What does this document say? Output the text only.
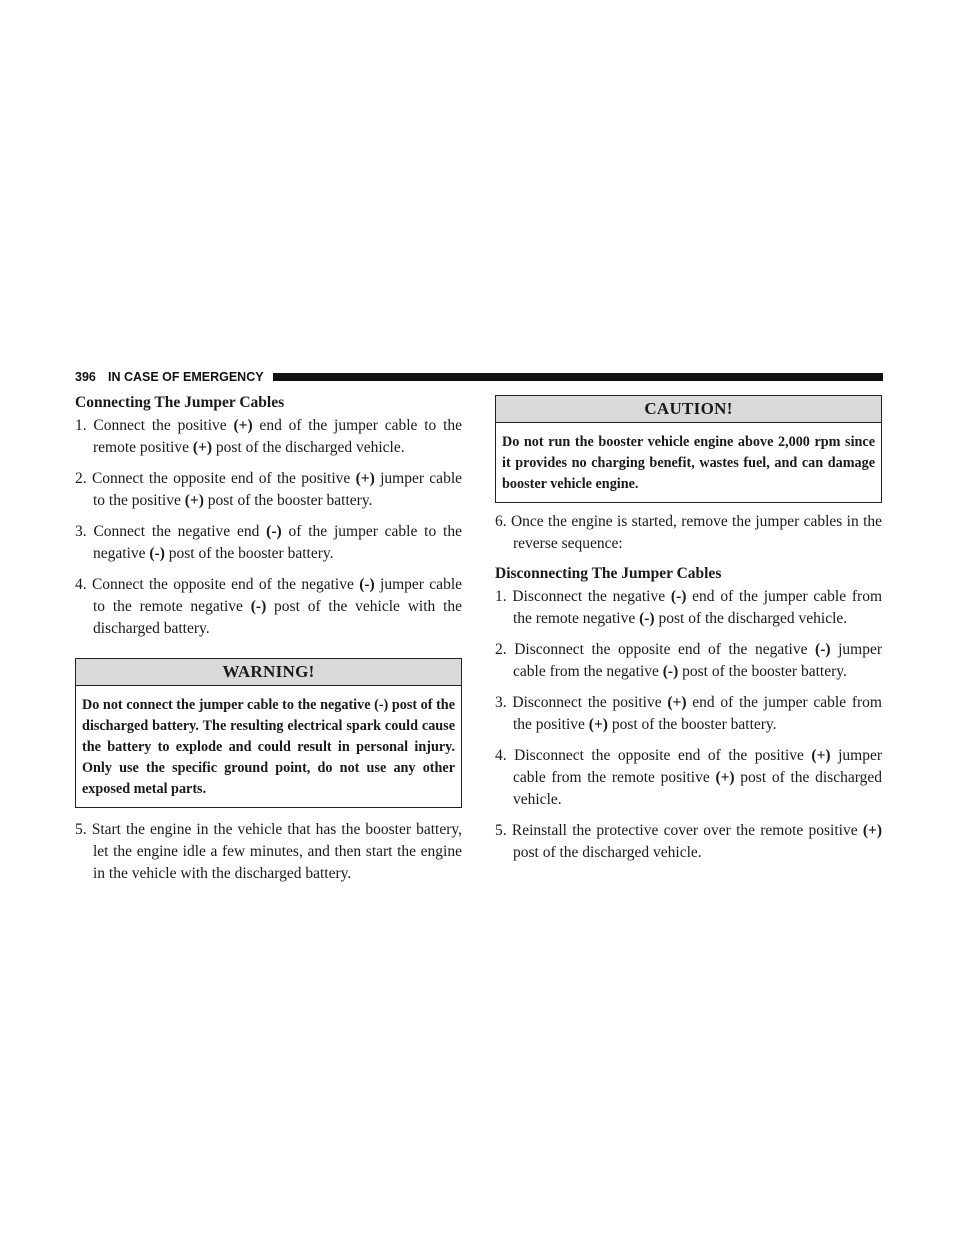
396 IN CASE OF EMERGENCY
Connecting The Jumper Cables
1. Connect the positive (+) end of the jumper cable to the remote positive (+) post of the discharged vehicle.
2. Connect the opposite end of the positive (+) jumper cable to the positive (+) post of the booster battery.
3. Connect the negative end (-) of the jumper cable to the negative (-) post of the booster battery.
4. Connect the opposite end of the negative (-) jumper cable to the remote negative (-) post of the vehicle with the discharged battery.
WARNING!
Do not connect the jumper cable to the negative (-) post of the discharged battery. The resulting electrical spark could cause the battery to explode and could result in personal injury. Only use the specific ground point, do not use any other exposed metal parts.
5. Start the engine in the vehicle that has the booster battery, let the engine idle a few minutes, and then start the engine in the vehicle with the discharged battery.
CAUTION!
Do not run the booster vehicle engine above 2,000 rpm since it provides no charging benefit, wastes fuel, and can damage booster vehicle engine.
6. Once the engine is started, remove the jumper cables in the reverse sequence:
Disconnecting The Jumper Cables
1. Disconnect the negative (-) end of the jumper cable from the remote negative (-) post of the discharged vehicle.
2. Disconnect the opposite end of the negative (-) jumper cable from the negative (-) post of the booster battery.
3. Disconnect the positive (+) end of the jumper cable from the positive (+) post of the booster battery.
4. Disconnect the opposite end of the positive (+) jumper cable from the remote positive (+) post of the discharged vehicle.
5. Reinstall the protective cover over the remote positive (+) post of the discharged vehicle.
